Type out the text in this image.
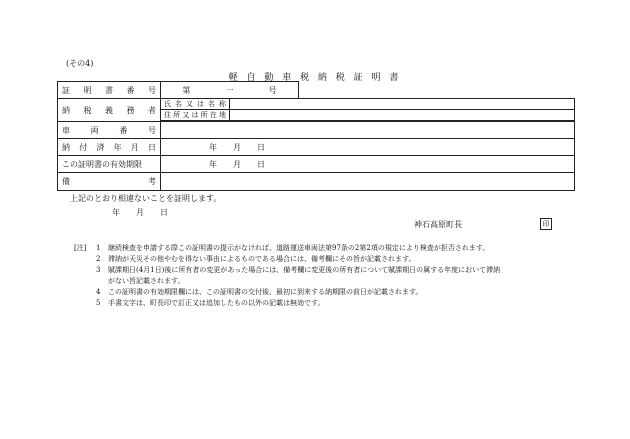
(その4)
軽 自 動 車 税 納 税 証 明 書
証明書番号	第	一	号	
納税義務者	
氏名又は名称	
住所又は所在地	

車両番号	
納付済年月日	年　　月　　日
この証明書の有効期限	年　　月　　日
備考	
上記のとおり相違ないことを証明します。
年　　月　　日
神石高原町長	印
[注]	1	継続検査を申請する際この証明書の提示がなければ、道路運送車両法第97条の2第2項の規定により検査が拒否されます。
2	滞納が天災その他やむを得ない事由によるものである場合には、備考欄にその旨が記載されます。
3	賦課期日(4月1日)後に所有者の変更があった場合には、備考欄に変更後の所有者について賦課期日の属する年度において滞納
がない旨記載されます。
4	この証明書の有効期限欄には、この証明書の交付後、最初に到来する納期限の前日が記載されます。
5	手書文字は、町長印で訂正又は追加したもの以外の記載は無効です。
